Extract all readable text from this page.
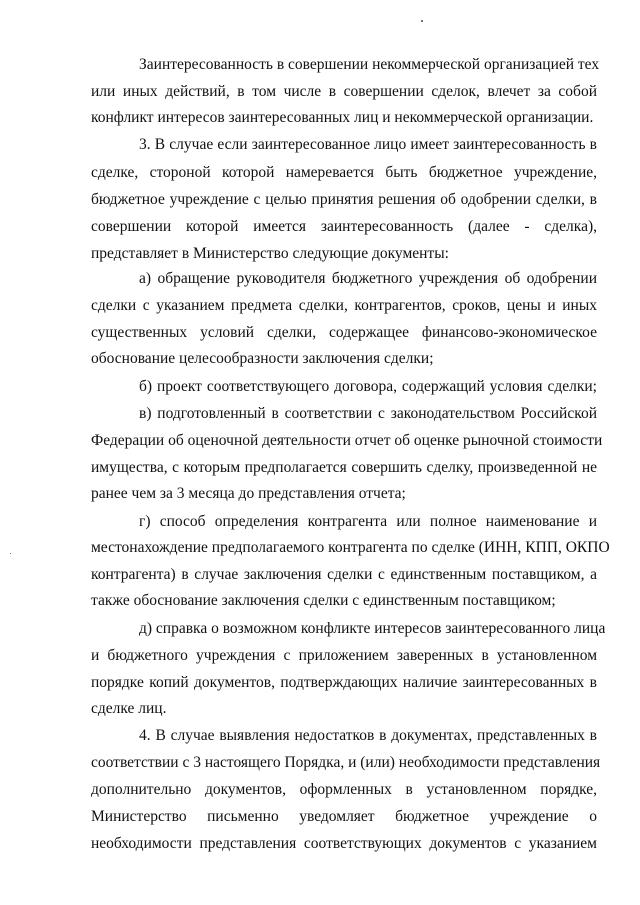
Заинтересованность в совершении некоммерческой организацией тех
или иных действий, в том числе в совершении сделок, влечет за собой
конфликт интересов заинтересованных лиц и некоммерческой организации.
3. В случае если заинтересованное лицо имеет заинтересованность в
сделке, стороной которой намеревается быть бюджетное учреждение,
бюджетное учреждение с целью принятия решения об одобрении сделки, в
совершении которой имеется заинтересованность (далее - сделка),
представляет в Министерство следующие документы:
а) обращение руководителя бюджетного учреждения об одобрении
сделки с указанием предмета сделки, контрагентов, сроков, цены и иных
существенных условий сделки, содержащее финансово-экономическое
обоснование целесообразности заключения сделки;
б) проект соответствующего договора, содержащий условия сделки;
в) подготовленный в соответствии с законодательством Российской
Федерации об оценочной деятельности отчет об оценке рыночной стоимости
имущества, с которым предполагается совершить сделку, произведенной не
ранее чем за 3 месяца до представления отчета;
г) способ определения контрагента или полное наименование и
местонахождение предполагаемого контрагента по сделке (ИНН, КПП, ОКПО
контрагента) в случае заключения сделки с единственным поставщиком, а
также обоснование заключения сделки с единственным поставщиком;
д) справка о возможном конфликте интересов заинтересованного лица
и бюджетного учреждения с приложением заверенных в установленном
порядке копий документов, подтверждающих наличие заинтересованных в
сделке лиц.
4. В случае выявления недостатков в документах, представленных в
соответствии с 3 настоящего Порядка, и (или) необходимости представления
дополнительно документов, оформленных в установленном порядке,
Министерство письменно уведомляет бюджетное учреждение о
необходимости представления соответствующих документов с указанием
